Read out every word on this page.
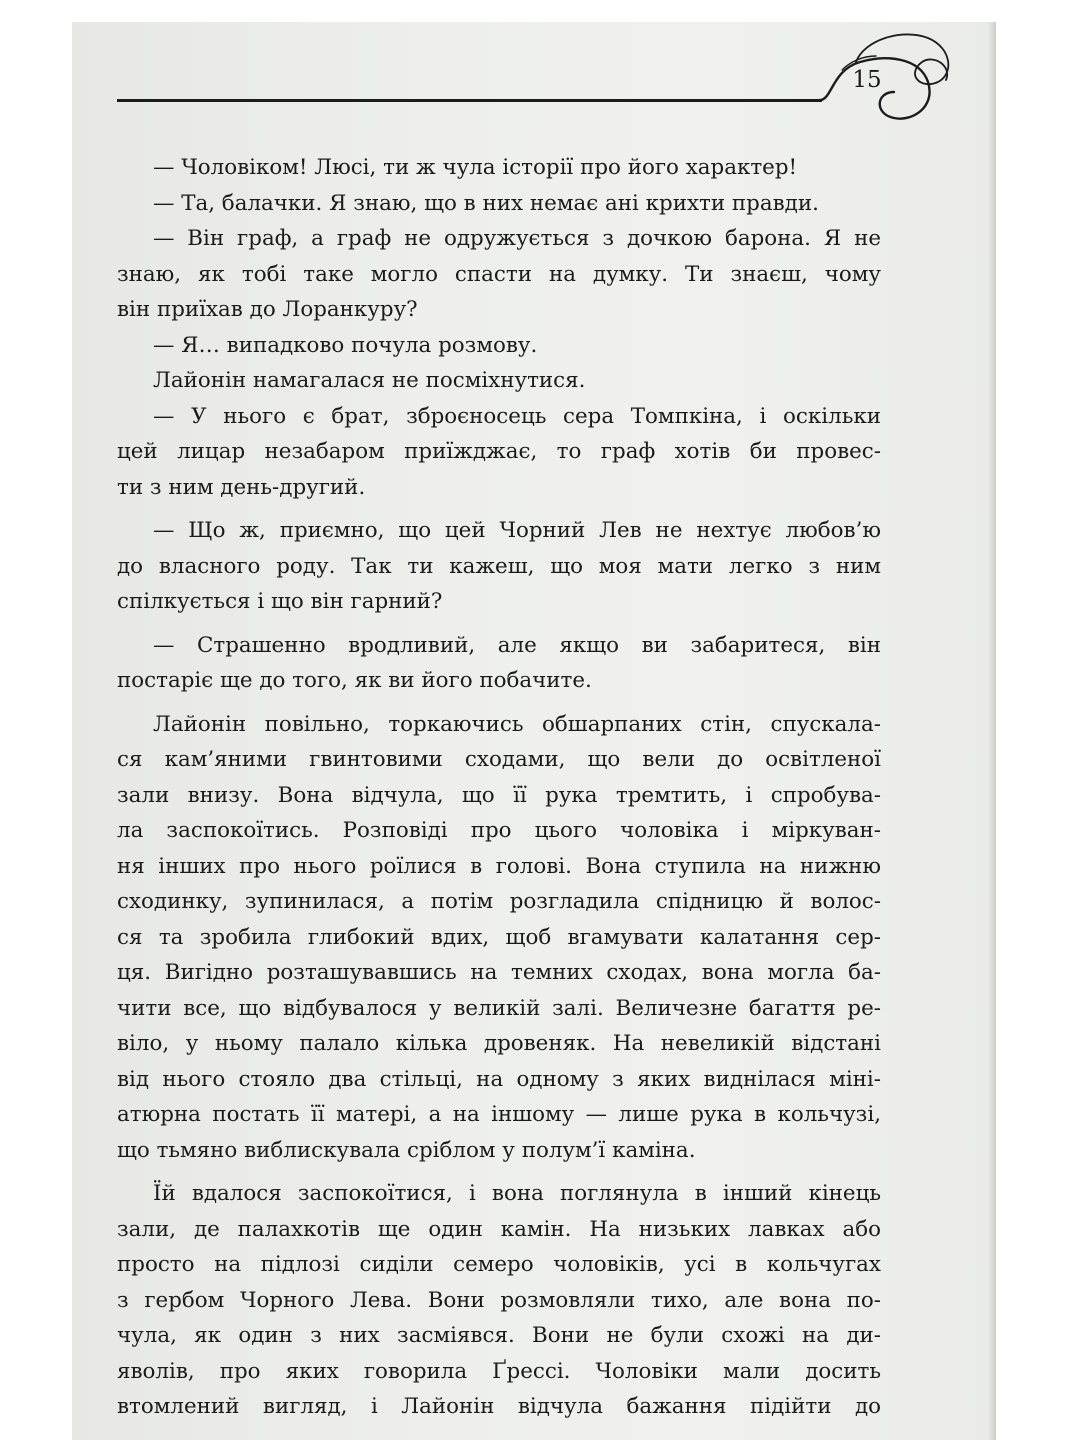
15
— Чоловіком! Люсі, ти ж чула історії про його характер!
— Та, балачки. Я знаю, що в них немає ані крихти правди.
— Він граф, а граф не одружується з дочкою барона. Я не
знаю, як тобі таке могло спасти на думку. Ти знаєш, чому
він приїхав до Лоранкуру?
— Я… випадково почула розмову.
Лайонін намагалася не посміхнутися.
— У нього є брат, зброєносець сера Томпкіна, і оскільки
цей лицар незабаром приїжджає, то граф хотів би провес-
ти з ним день-другий.
— Що ж, приємно, що цей Чорний Лев не нехтує любов’ю
до власного роду. Так ти кажеш, що моя мати легко з ним
спілкується і що він гарний?
— Страшенно вродливий, але якщо ви забаритеся, він
постаріє ще до того, як ви його побачите.
Лайонін повільно, торкаючись обшарпаних стін, спускала-
ся кам’яними гвинтовими сходами, що вели до освітленої
зали внизу. Вона відчула, що її рука тремтить, і спробува-
ла заспокоїтись. Розповіді про цього чоловіка і міркуван-
ня інших про нього роїлися в голові. Вона ступила на нижню
сходинку, зупинилася, а потім розгладила спідницю й волос-
ся та зробила глибокий вдих, щоб вгамувати калатання сер-
ця. Вигідно розташувавшись на темних сходах, вона могла ба-
чити все, що відбувалося у великій залі. Величезне багаття ре-
віло, у ньому палало кілька дровеняк. На невеликій відстані
від нього стояло два стільці, на одному з яких виднілася міні-
атюрна постать її матері, а на іншому — лише рука в кольчузі,
що тьмяно виблискувала сріблом у полум’ї каміна.
Їй вдалося заспокоїтися, і вона поглянула в інший кінець
зали, де палахкотів ще один камін. На низьких лавках або
просто на підлозі сиділи семеро чоловіків, усі в кольчугах
з гербом Чорного Лева. Вони розмовляли тихо, але вона по-
чула, як один з них засміявся. Вони не були схожі на ди-
яволів, про яких говорила Ґрессі. Чоловіки мали досить
втомлений вигляд, і Лайонін відчула бажання підійти до
